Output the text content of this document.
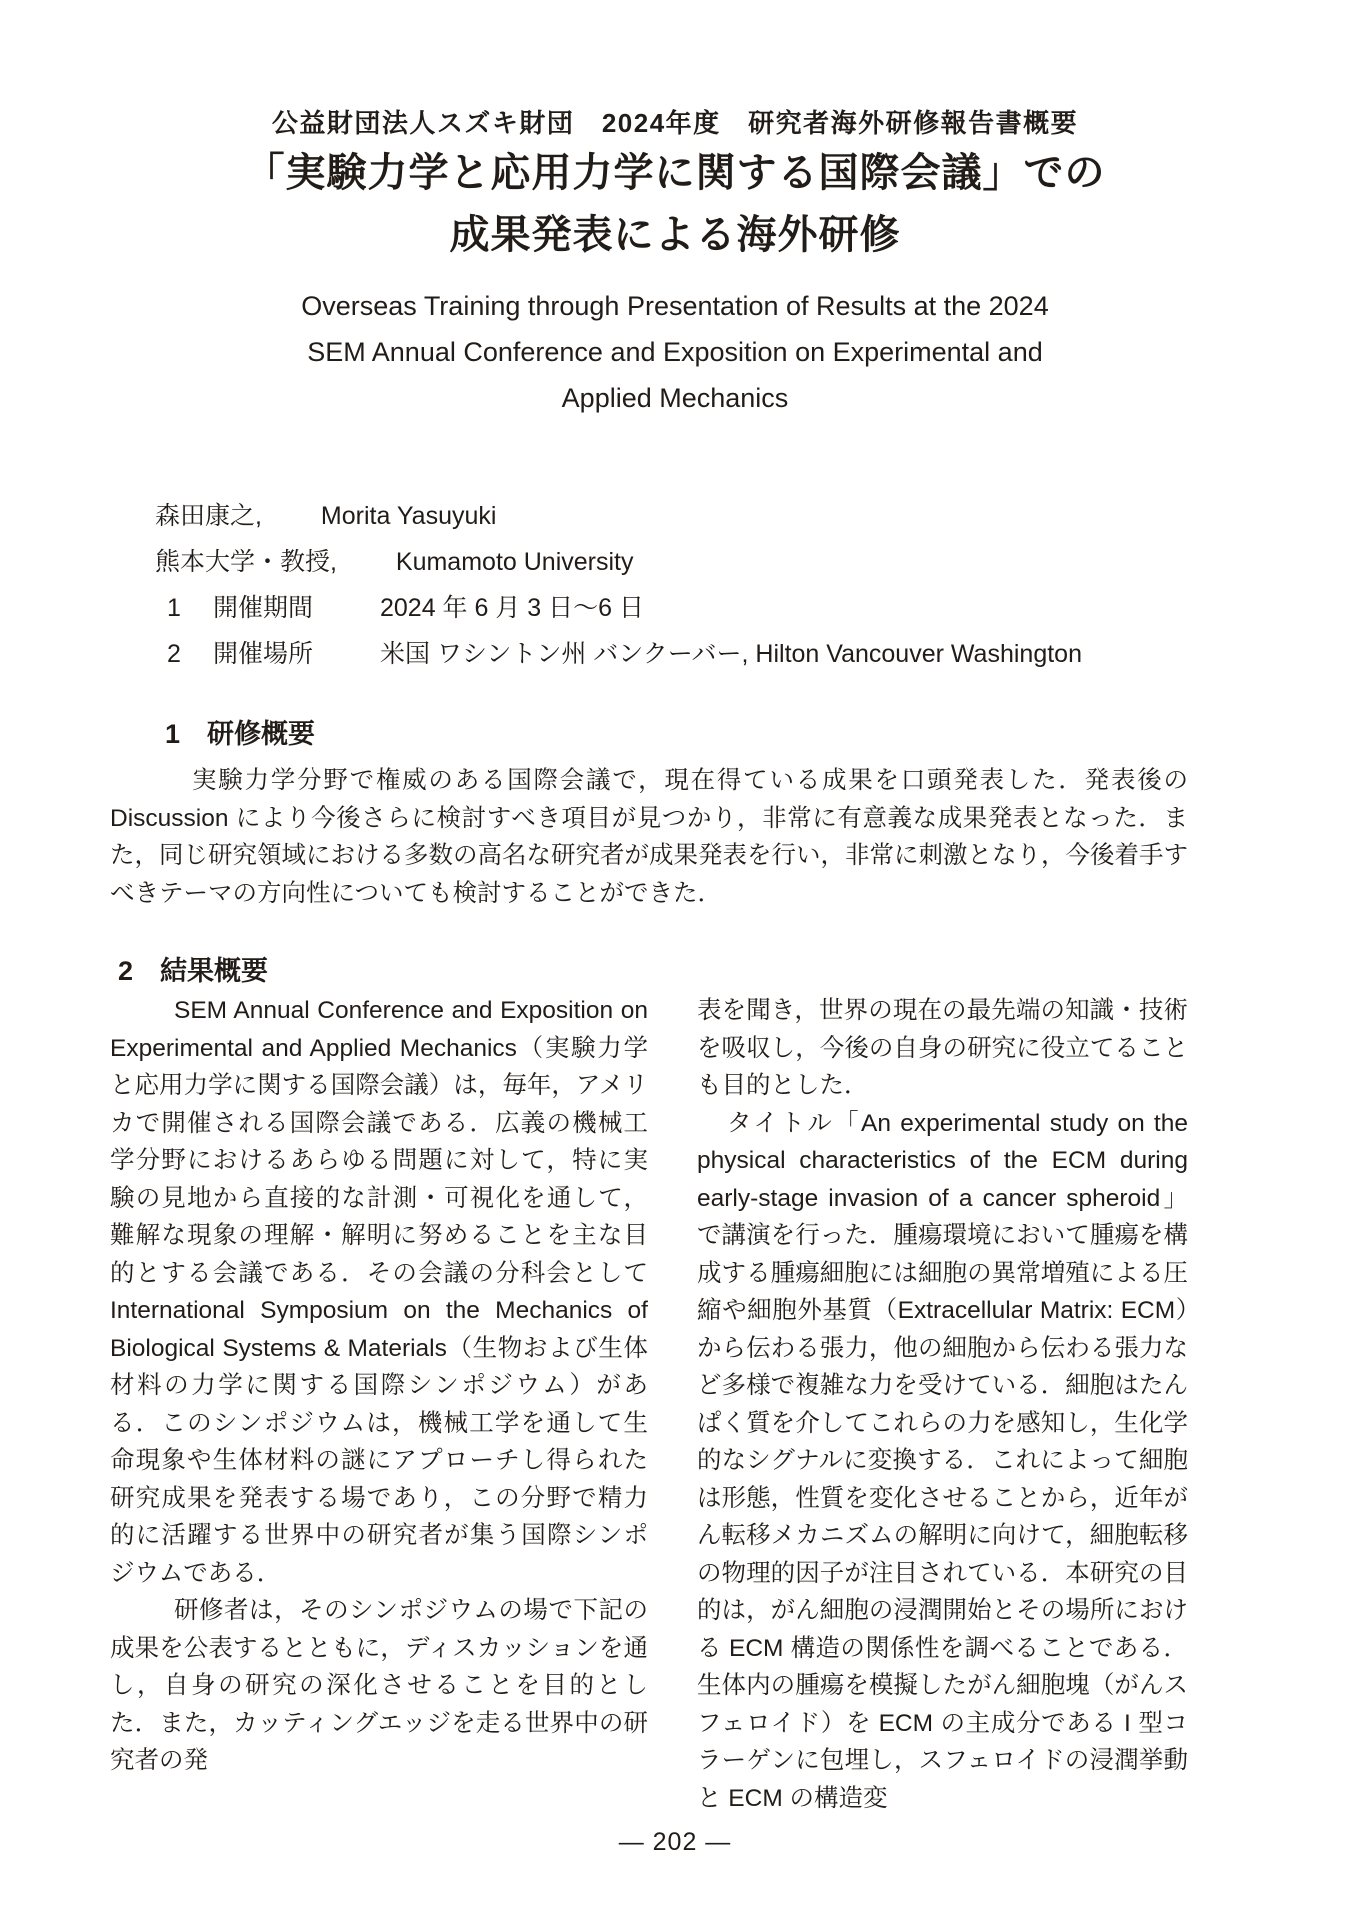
公益財団法人スズキ財団　2024年度　研究者海外研修報告書概要
「実験力学と応用力学に関する国際会議」での
成果発表による海外研修
Overseas Training through Presentation of Results at the 2024
SEM Annual Conference and Exposition on Experimental and
Applied Mechanics
森田康之, Morita Yasuyuki
熊本大学・教授, Kumamoto University
1	開催期間	2024 年 6 月 3 日〜6 日
2	開催場所	米国 ワシントン州 バンクーバー, Hilton Vancouver Washington
1 研修概要

実験力学分野で権威のある国際会議で，現在得ている成果を口頭発表した．発表後の Discussion により今後さらに検討すべき項目が見つかり，非常に有意義な成果発表となった．また，同じ研究領域における多数の高名な研究者が成果発表を行い，非常に刺激となり，今後着手すべきテーマの方向性についても検討することができた．

2 結果概要

SEM Annual Conference and Exposition on Experimental and Applied Mechanics（実験力学と応用力学に関する国際会議）は，毎年，アメリカで開催される国際会議である．広義の機械工学分野におけるあらゆる問題に対して，特に実験の見地から直接的な計測・可視化を通して，難解な現象の理解・解明に努めることを主な目的とする会議である．その会議の分科会として International Symposium on the Mechanics of Biological Systems & Materials（生物および生体材料の力学に関する国際シンポジウム）がある．このシンポジウムは，機械工学を通して生命現象や生体材料の謎にアプローチし得られた研究成果を発表する場であり，この分野で精力的に活躍する世界中の研究者が集う国際シンポジウムである．

研修者は，そのシンポジウムの場で下記の成果を公表するとともに，ディスカッションを通し，自身の研究の深化させることを目的とした．また，カッティングエッジを走る世界中の研究者の発

表を聞き，世界の現在の最先端の知識・技術を吸収し，今後の自身の研究に役立てることも目的とした．

タイトル「An experimental study on the physical characteristics of the ECM during early-stage invasion of a cancer spheroid」で講演を行った．腫瘍環境において腫瘍を構成する腫瘍細胞には細胞の異常増殖による圧縮や細胞外基質（Extracellular Matrix: ECM）から伝わる張力，他の細胞から伝わる張力など多様で複雑な力を受けている．細胞はたんぱく質を介してこれらの力を感知し，生化学的なシグナルに変換する．これによって細胞は形態，性質を変化させることから，近年がん転移メカニズムの解明に向けて，細胞転移の物理的因子が注目されている．本研究の目的は，がん細胞の浸潤開始とその場所における ECM 構造の関係性を調べることである．生体内の腫瘍を模擬したがん細胞塊（がんスフェロイド）を ECM の主成分である I 型コラーゲンに包埋し，スフェロイドの浸潤挙動と ECM の構造変

— 202 —
